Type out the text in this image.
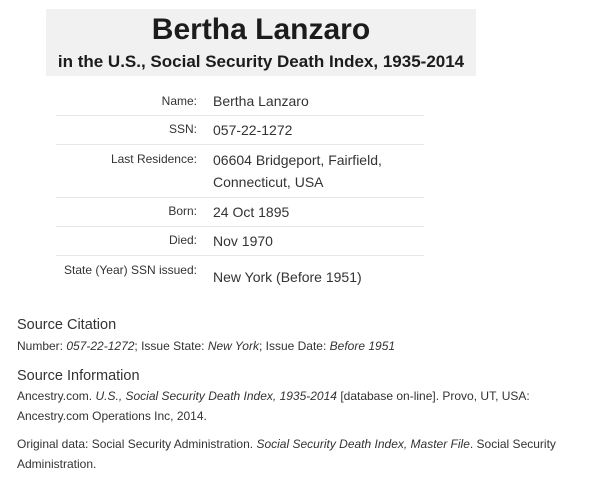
Bertha Lanzaro
in the U.S., Social Security Death Index, 1935-2014
Name:	Bertha Lanzaro
SSN:	057-22-1272
Last Residence:	06604 Bridgeport, Fairfield, Connecticut, USA
Born:	24 Oct 1895
Died:	Nov 1970
State (Year) SSN issued:	New York (Before 1951)
Source Citation
Number: 057-22-1272; Issue State: New York; Issue Date: Before 1951
Source Information
Ancestry.com. U.S., Social Security Death Index, 1935-2014 [database on-line]. Provo, UT, USA: Ancestry.com Operations Inc, 2014.
Original data: Social Security Administration. Social Security Death Index, Master File. Social Security Administration.
